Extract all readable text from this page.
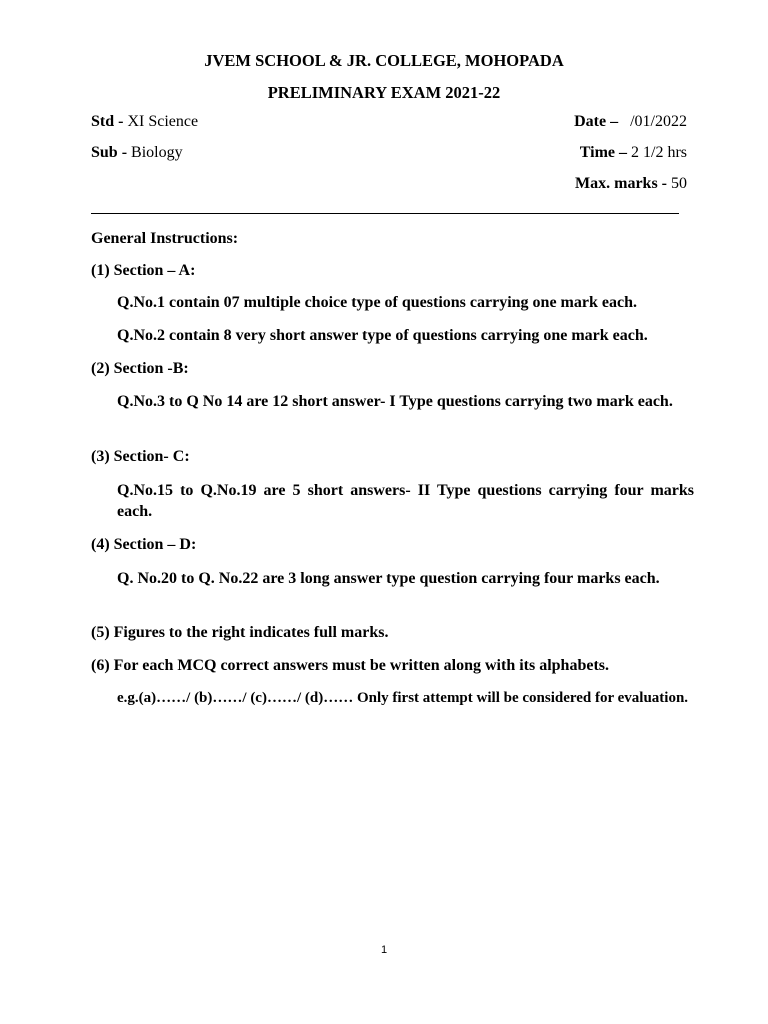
JVEM SCHOOL & JR. COLLEGE, MOHOPADA
PRELIMINARY EXAM 2021-22
Std - XI Science	Date – /01/2022
Sub - Biology	Time – 2 1/2 hrs
Max. marks - 50
General Instructions:
(1) Section – A:
Q.No.1 contain 07 multiple choice type of questions carrying one mark each.
Q.No.2 contain 8 very short answer type of questions carrying one mark each.
(2) Section -B:
Q.No.3 to Q No 14 are 12 short answer- I Type questions carrying two mark each.
(3) Section- C:
Q.No.15 to Q.No.19 are 5 short answers- II Type questions carrying four marks each.
(4) Section – D:
Q. No.20 to Q. No.22 are 3 long answer type question carrying four marks each.
(5) Figures to the right indicates full marks.
(6) For each MCQ correct answers must be written along with its alphabets.
e.g.(a)……/ (b)……/ (c)……/ (d)…… Only first attempt will be considered for evaluation.
1
